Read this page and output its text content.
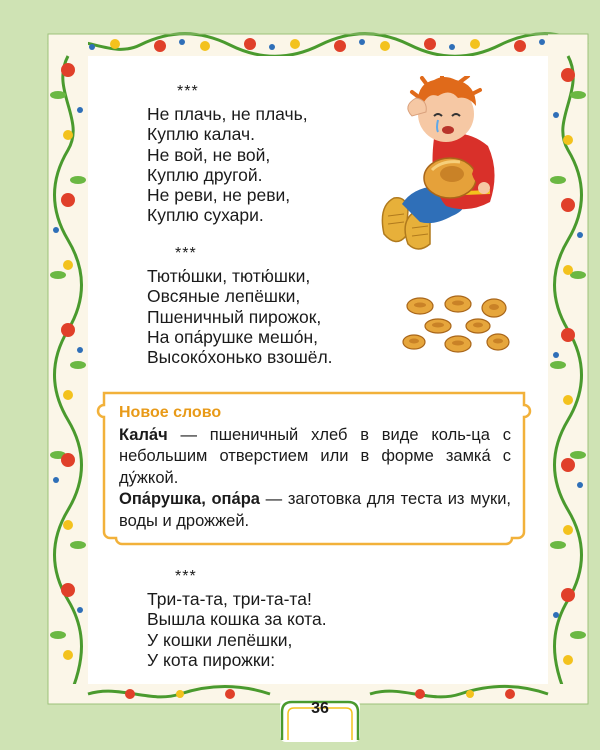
***
Не плачь, не плачь,
Куплю калач.
Не вой, не вой,
Куплю другой.
Не реви, не реви,
Куплю сухари.
***
Тютю́шки, тютю́шки,
Овсяные лепёшки,
Пшеничный пирожок,
На опа́рушке мешо́н,
Высоко́хонько взошёл.
Новое слово

Кала́ч — пшеничный хлеб в виде коль-ца с небольшим отверстием или в форме замка́ с ду́жкой.

Опа́рушка, опа́ра — заготовка для теста из муки, воды и дрожжей.

***
Три-та-та, три-та-та!
Вышла кошка за кота.
У кошки лепёшки,
У кота пирожки:
36
